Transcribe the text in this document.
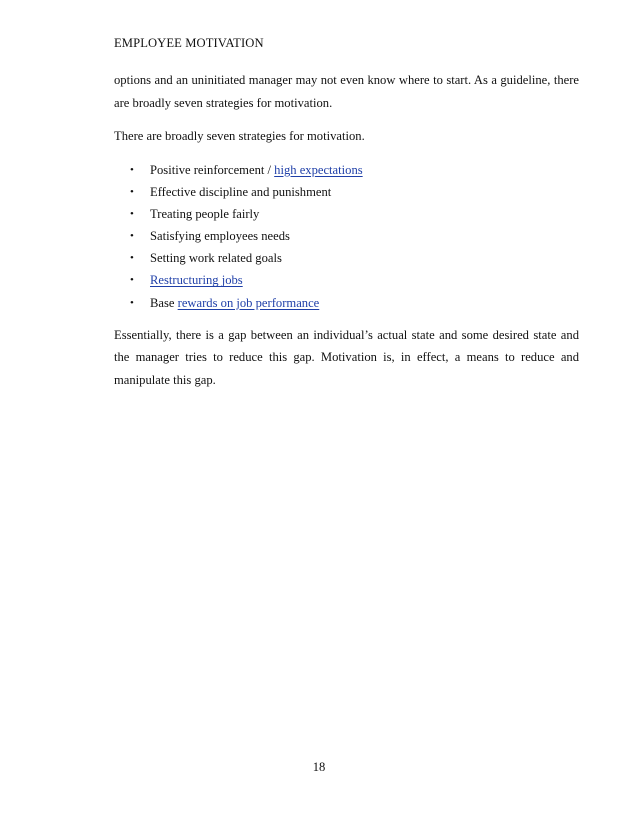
EMPLOYEE MOTIVATION

options and an uninitiated manager may not even know where to start. As a guideline, there are broadly seven strategies for motivation.

There are broadly seven strategies for motivation.

• Positive reinforcement / high expectations
• Effective discipline and punishment
• Treating people fairly
• Satisfying employees needs
• Setting work related goals
• Restructuring jobs
• Base rewards on job performance

Essentially, there is a gap between an individual’s actual state and some desired state and the manager tries to reduce this gap. Motivation is, in effect, a means to reduce and manipulate this gap.

18
